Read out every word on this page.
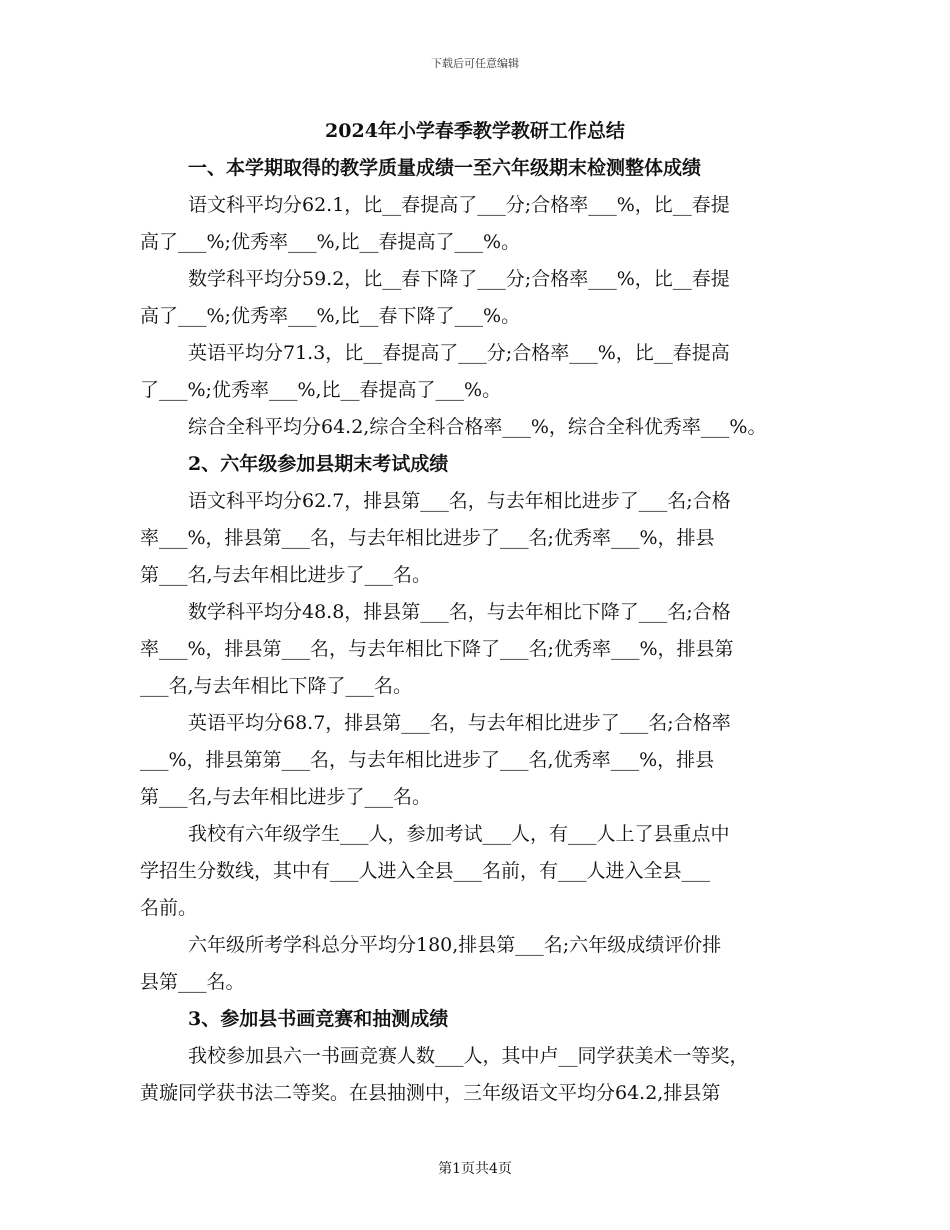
下载后可任意编辑
2024年小学春季教学教研工作总结
一、本学期取得的教学质量成绩一至六年级期末检测整体成绩
语文科平均分62.1，比__春提高了___分;合格率___%，比__春提
高了___%;优秀率___%,比__春提高了___%。
数学科平均分59.2，比__春下降了___分;合格率___%，比__春提
高了___%;优秀率___%,比__春下降了___%。
英语平均分71.3，比__春提高了___分;合格率___%，比__春提高
了___%;优秀率___%,比__春提高了___%。
综合全科平均分64.2,综合全科合格率___%，综合全科优秀率___%。
2、六年级参加县期末考试成绩
语文科平均分62.7，排县第___名，与去年相比进步了___名;合格
率___%，排县第___名，与去年相比进步了___名;优秀率___%，排县
第___名,与去年相比进步了___名。
数学科平均分48.8，排县第___名，与去年相比下降了___名;合格
率___%，排县第___名，与去年相比下降了___名;优秀率___%，排县第
___名,与去年相比下降了___名。
英语平均分68.7，排县第___名，与去年相比进步了___名;合格率
___%，排县第第___名，与去年相比进步了___名,优秀率___%，排县
第___名,与去年相比进步了___名。
我校有六年级学生___人，参加考试___人，有___人上了县重点中
学招生分数线，其中有___人进入全县___名前，有___人进入全县___
名前。
六年级所考学科总分平均分180,排县第___名;六年级成绩评价排
县第___名。
3、参加县书画竞赛和抽测成绩
我校参加县六一书画竞赛人数___人，其中卢__同学获美术一等奖，
黄璇同学获书法二等奖。在县抽测中，三年级语文平均分64.2,排县第
第1页共4页
